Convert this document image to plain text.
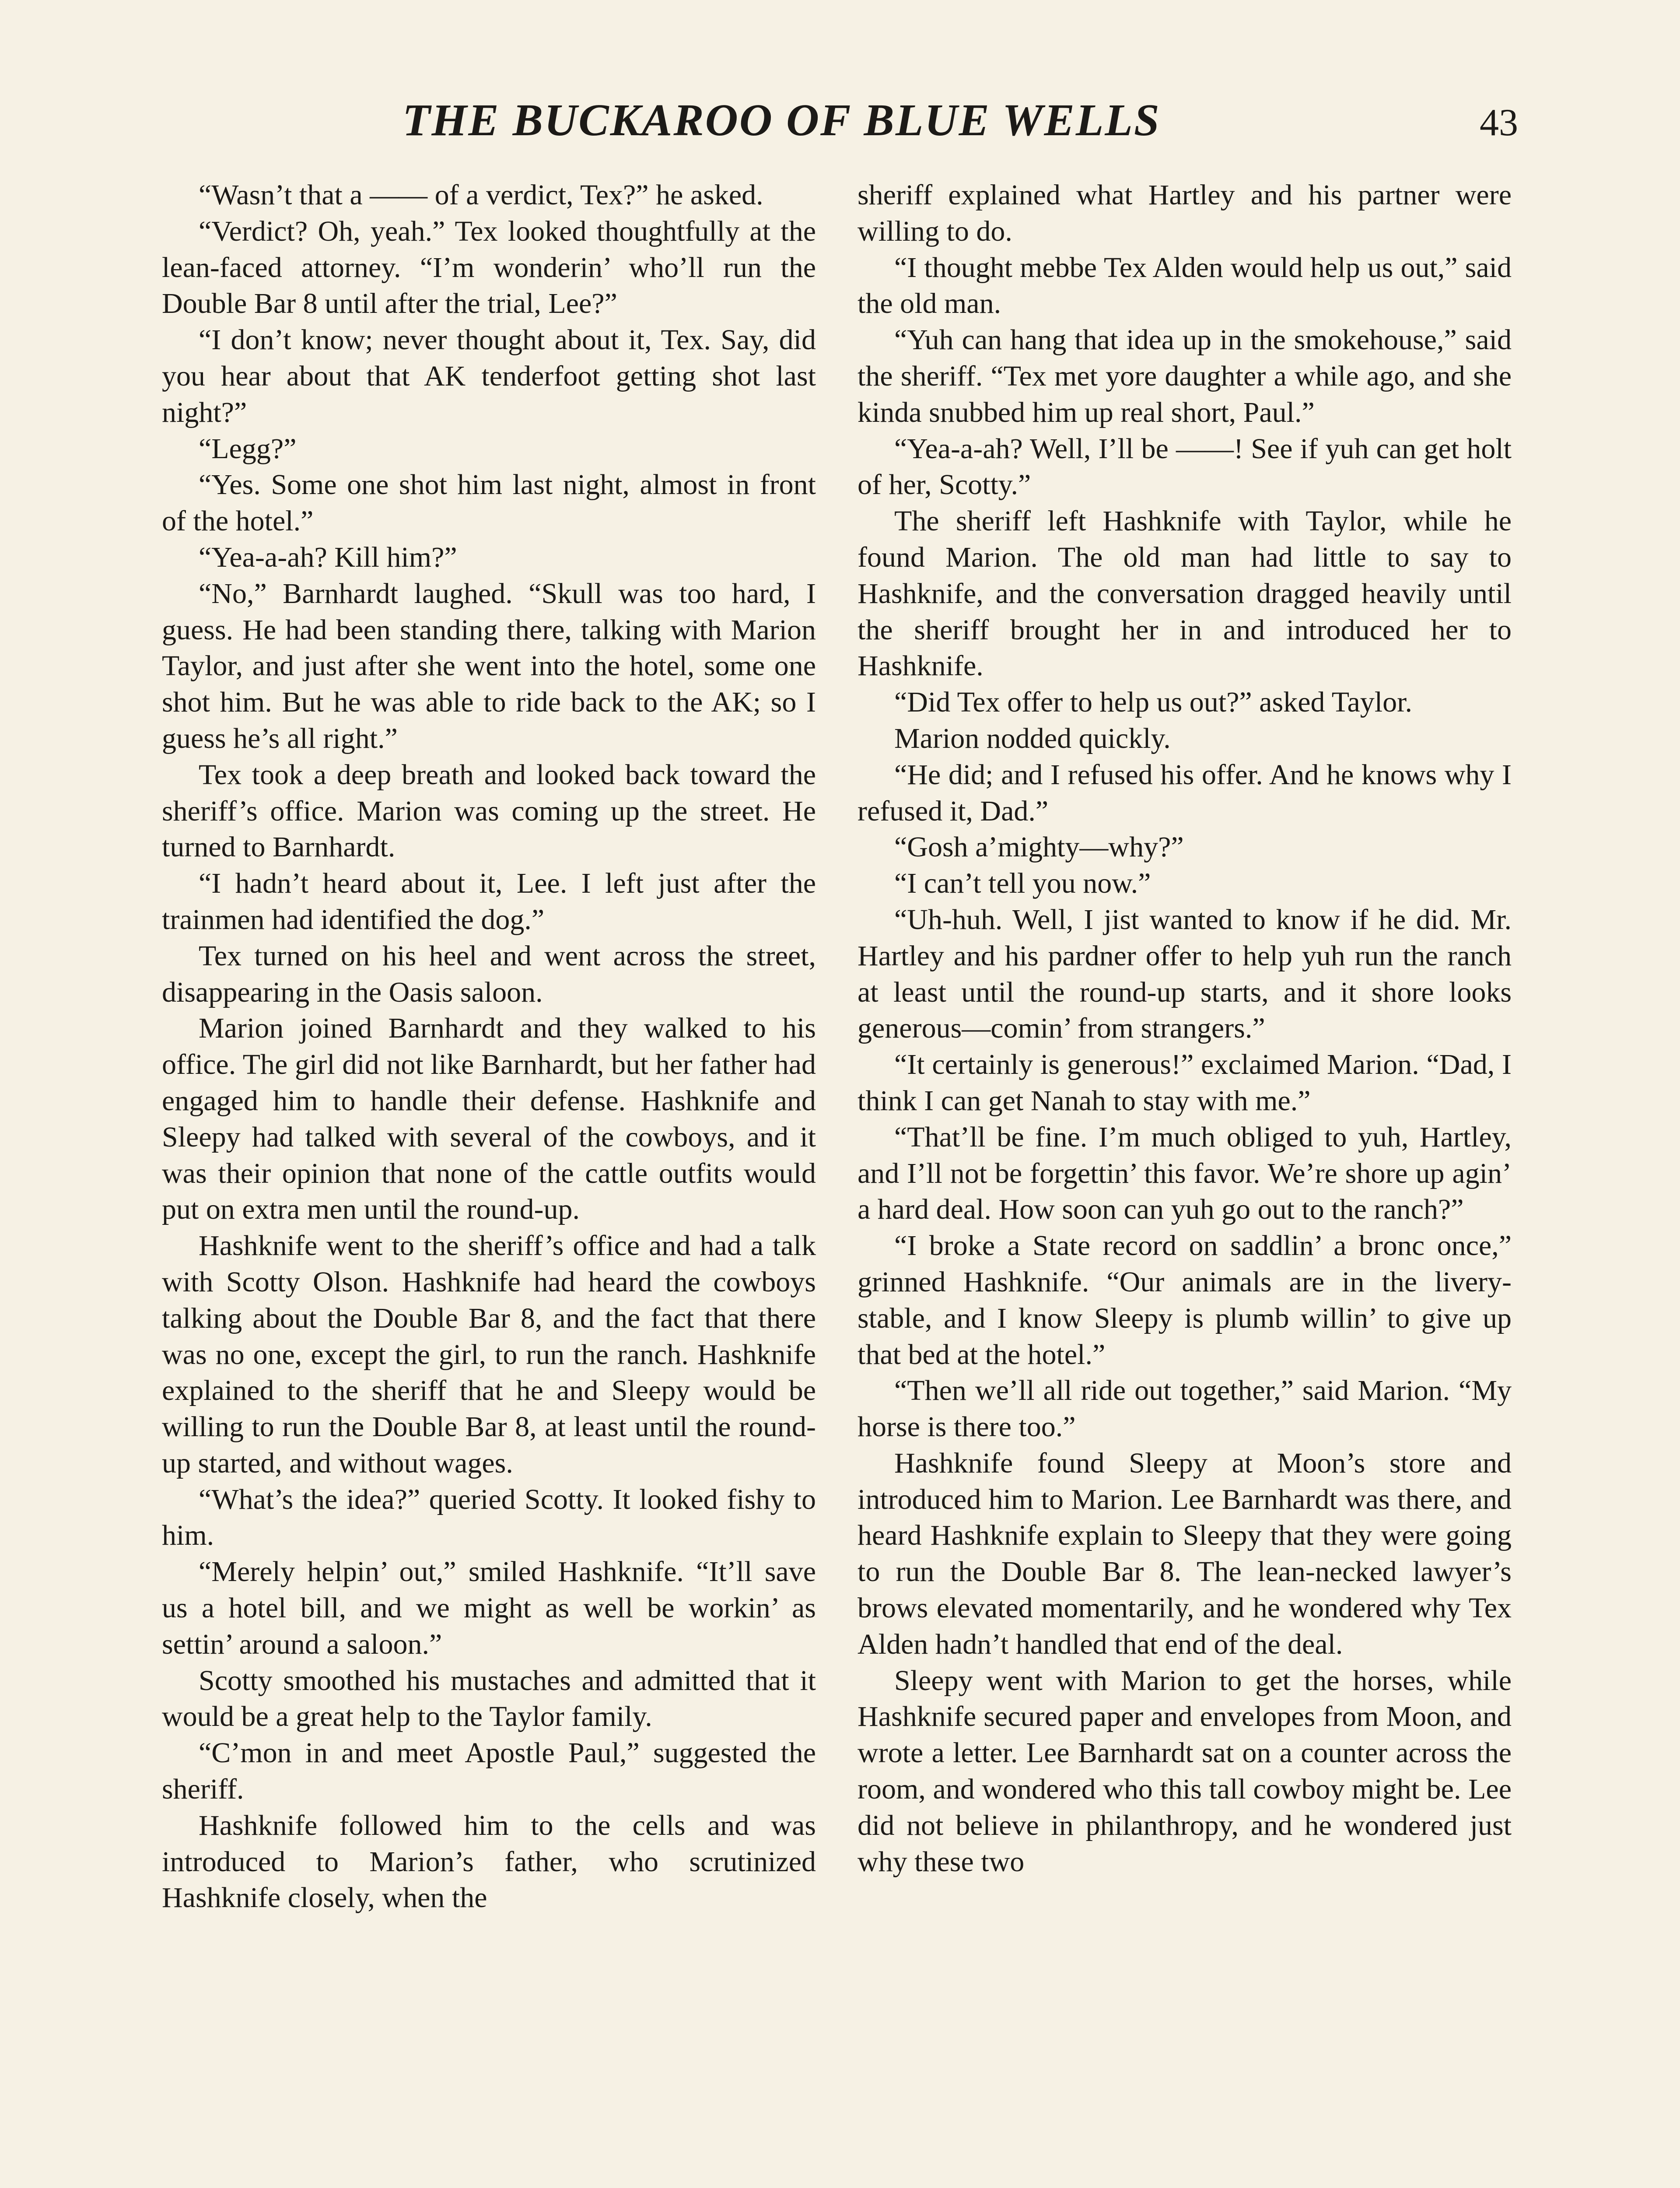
THE BUCKAROO OF BLUE WELLS	43

“Wasn’t that a —— of a verdict, Tex?” he asked.

“Verdict? Oh, yeah.” Tex looked thoughtfully at the lean-faced attorney. “I’m wonderin’ who’ll run the Double Bar 8 until after the trial, Lee?”

“I don’t know; never thought about it, Tex. Say, did you hear about that AK tenderfoot getting shot last night?”

“Legg?”

“Yes. Some one shot him last night, almost in front of the hotel.”

“Yea-a-ah? Kill him?”

“No,” Barnhardt laughed. “Skull was too hard, I guess. He had been standing there, talking with Marion Taylor, and just after she went into the hotel, some one shot him. But he was able to ride back to the AK; so I guess he’s all right.”

Tex took a deep breath and looked back toward the sheriff’s office. Marion was coming up the street. He turned to Barnhardt.

“I hadn’t heard about it, Lee. I left just after the trainmen had identified the dog.”

Tex turned on his heel and went across the street, disappearing in the Oasis saloon.

Marion joined Barnhardt and they walked to his office. The girl did not like Barnhardt, but her father had engaged him to handle their defense. Hashknife and Sleepy had talked with several of the cowboys, and it was their opinion that none of the cattle outfits would put on extra men until the round-up.

Hashknife went to the sheriff’s office and had a talk with Scotty Olson. Hashknife had heard the cowboys talking about the Double Bar 8, and the fact that there was no one, except the girl, to run the ranch. Hashknife explained to the sheriff that he and Sleepy would be willing to run the Double Bar 8, at least until the round-up started, and without wages.

“What’s the idea?” queried Scotty. It looked fishy to him.

“Merely helpin’ out,” smiled Hashknife. “It’ll save us a hotel bill, and we might as well be workin’ as settin’ around a saloon.”

Scotty smoothed his mustaches and admitted that it would be a great help to the Taylor family.

“C’mon in and meet Apostle Paul,” suggested the sheriff.

Hashknife followed him to the cells and was introduced to Marion’s father, who scrutinized Hashknife closely, when the

sheriff explained what Hartley and his partner were willing to do.

“I thought mebbe Tex Alden would help us out,” said the old man.

“Yuh can hang that idea up in the smokehouse,” said the sheriff. “Tex met yore daughter a while ago, and she kinda snubbed him up real short, Paul.”

“Yea-a-ah? Well, I’ll be ——! See if yuh can get holt of her, Scotty.”

The sheriff left Hashknife with Taylor, while he found Marion. The old man had little to say to Hashknife, and the conversation dragged heavily until the sheriff brought her in and introduced her to Hashknife.

“Did Tex offer to help us out?” asked Taylor.

Marion nodded quickly.

“He did; and I refused his offer. And he knows why I refused it, Dad.”

“Gosh a’mighty—why?”

“I can’t tell you now.”

“Uh-huh. Well, I jist wanted to know if he did. Mr. Hartley and his pardner offer to help yuh run the ranch at least until the round-up starts, and it shore looks generous—comin’ from strangers.”

“It certainly is generous!” exclaimed Marion. “Dad, I think I can get Nanah to stay with me.”

“That’ll be fine. I’m much obliged to yuh, Hartley, and I’ll not be forgettin’ this favor. We’re shore up agin’ a hard deal. How soon can yuh go out to the ranch?”

“I broke a State record on saddlin’ a bronc once,” grinned Hashknife. “Our animals are in the livery-stable, and I know Sleepy is plumb willin’ to give up that bed at the hotel.”

“Then we’ll all ride out together,” said Marion. “My horse is there too.”

Hashknife found Sleepy at Moon’s store and introduced him to Marion. Lee Barnhardt was there, and heard Hashknife explain to Sleepy that they were going to run the Double Bar 8. The lean-necked lawyer’s brows elevated momentarily, and he wondered why Tex Alden hadn’t handled that end of the deal.

Sleepy went with Marion to get the horses, while Hashknife secured paper and envelopes from Moon, and wrote a letter. Lee Barnhardt sat on a counter across the room, and wondered who this tall cowboy might be. Lee did not believe in philanthropy, and he wondered just why these two
